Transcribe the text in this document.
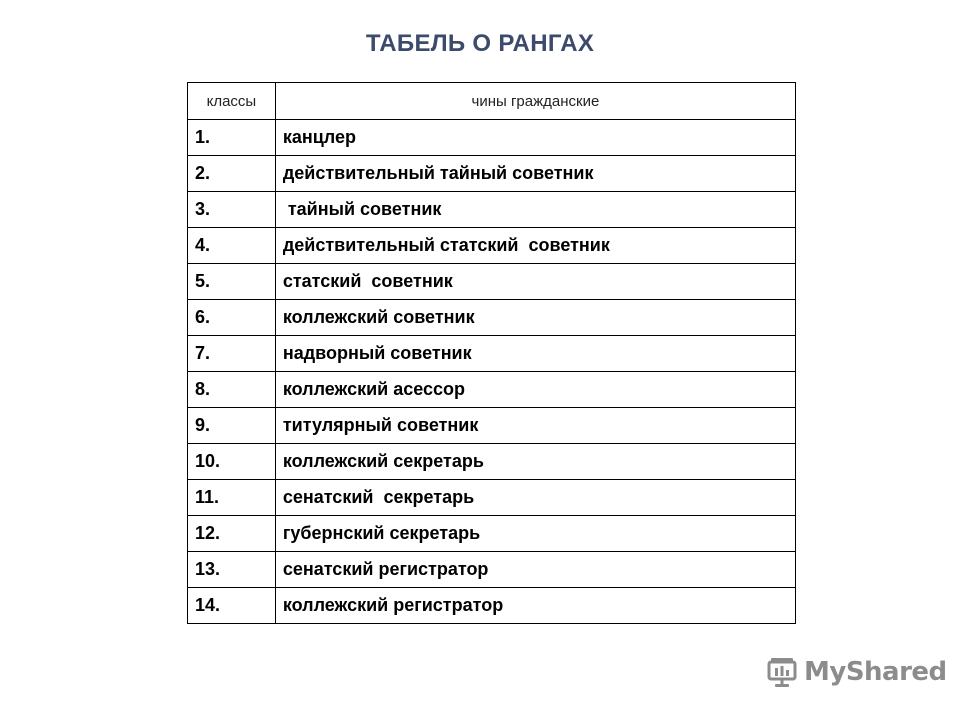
ТАБЕЛЬ О РАНГАХ
классы	чины гражданские
1.	канцлер
2.	действительный тайный советник
3.	тайный советник
4.	действительный статский  советник
5.	статский  советник
6.	коллежский советник
7.	надворный советник
8.	коллежский асессор
9.	титулярный советник
10.	коллежский секретарь
11.	сенатский  секретарь
12.	губернский секретарь
13.	сенатский регистратор
14.	коллежский регистратор
MyShared
